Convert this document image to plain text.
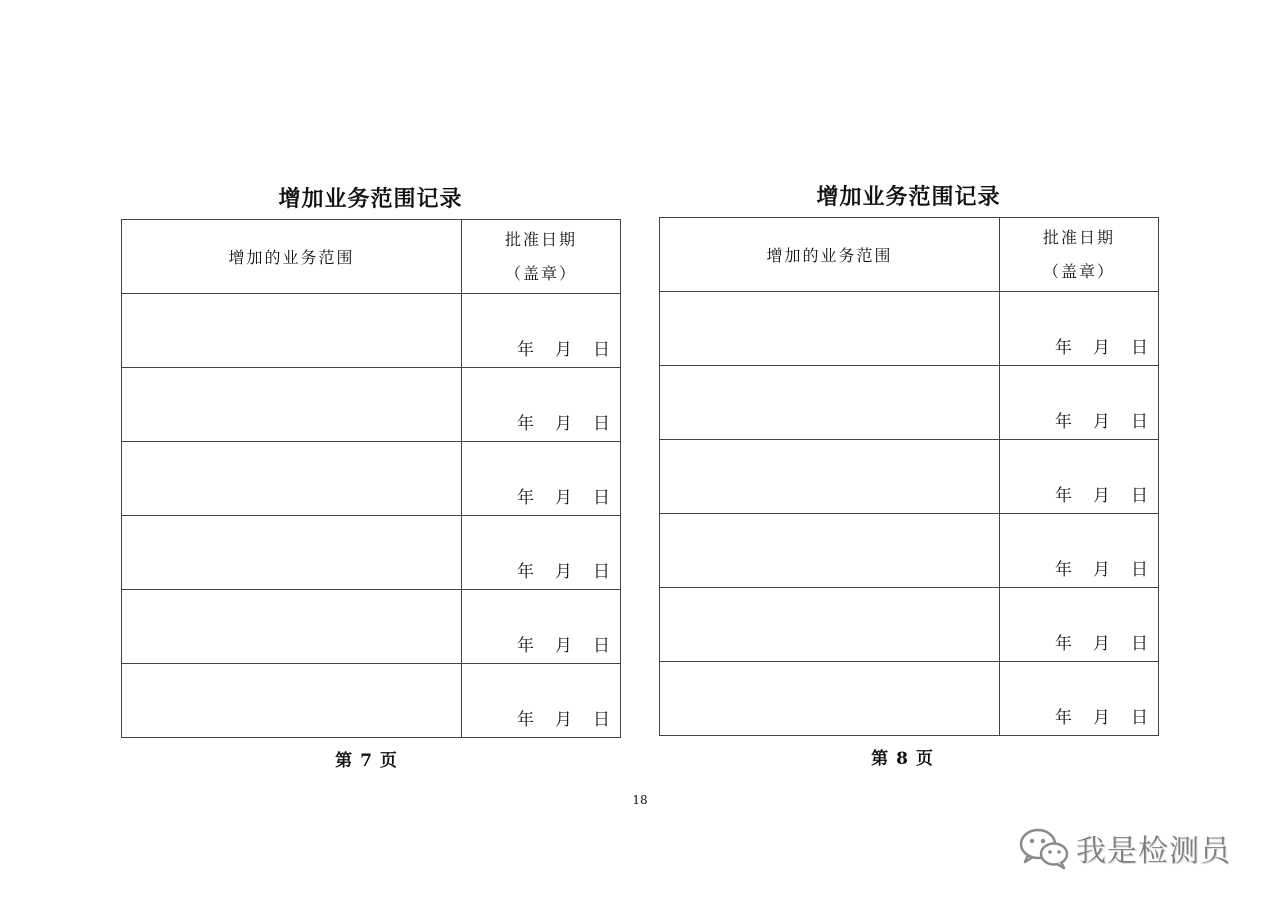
增加业务范围记录
增加的业务范围	批准日期
（盖章）

	年 月 日

	年 月 日

	年 月 日

	年 月 日

	年 月 日

	年 月 日
第 7 页
增加业务范围记录
增加的业务范围	批准日期
（盖章）

	年 月 日

	年 月 日

	年 月 日

	年 月 日

	年 月 日

	年 月 日
第 8 页
18
我是检测员
